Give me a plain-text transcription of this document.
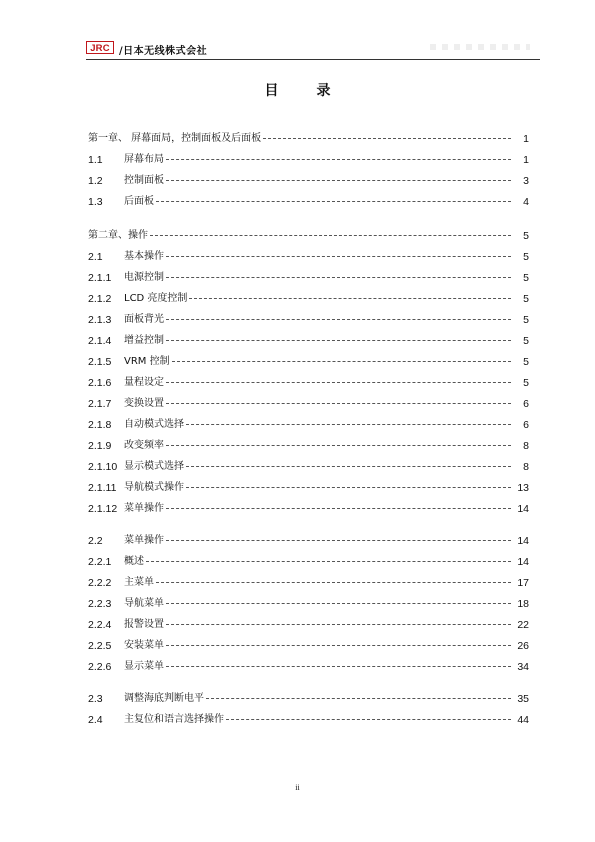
JRC /日本无线株式会社
目录
第一章、 屏幕面局，控制面板及后面板	1
1.1	屏幕布局	1
1.2	控制面板	3
1.3	后面板	4
第二章、操作	5
2.1	基本操作	5
2.1.1	电源控制	5
2.1.2	LCD 亮度控制	5
2.1.3	面板背光	5
2.1.4	增益控制	5
2.1.5	VRM 控制	5
2.1.6	量程设定	5
2.1.7	变换设置	6
2.1.8	自动模式选择	6
2.1.9	改变频率	8
2.1.10 显示模式选择	8
2.1.11 导航模式操作	13
2.1.12 菜单操作	14
2.2	菜单操作	14
2.2.1	概述	14
2.2.2	主菜单	17
2.2.3	导航菜单	18
2.2.4	报警设置	22
2.2.5	安装菜单	26
2.2.6	显示菜单	34
2.3	调整海底判断电平	35
2.4	主复位和语言选择操作	44
ii
